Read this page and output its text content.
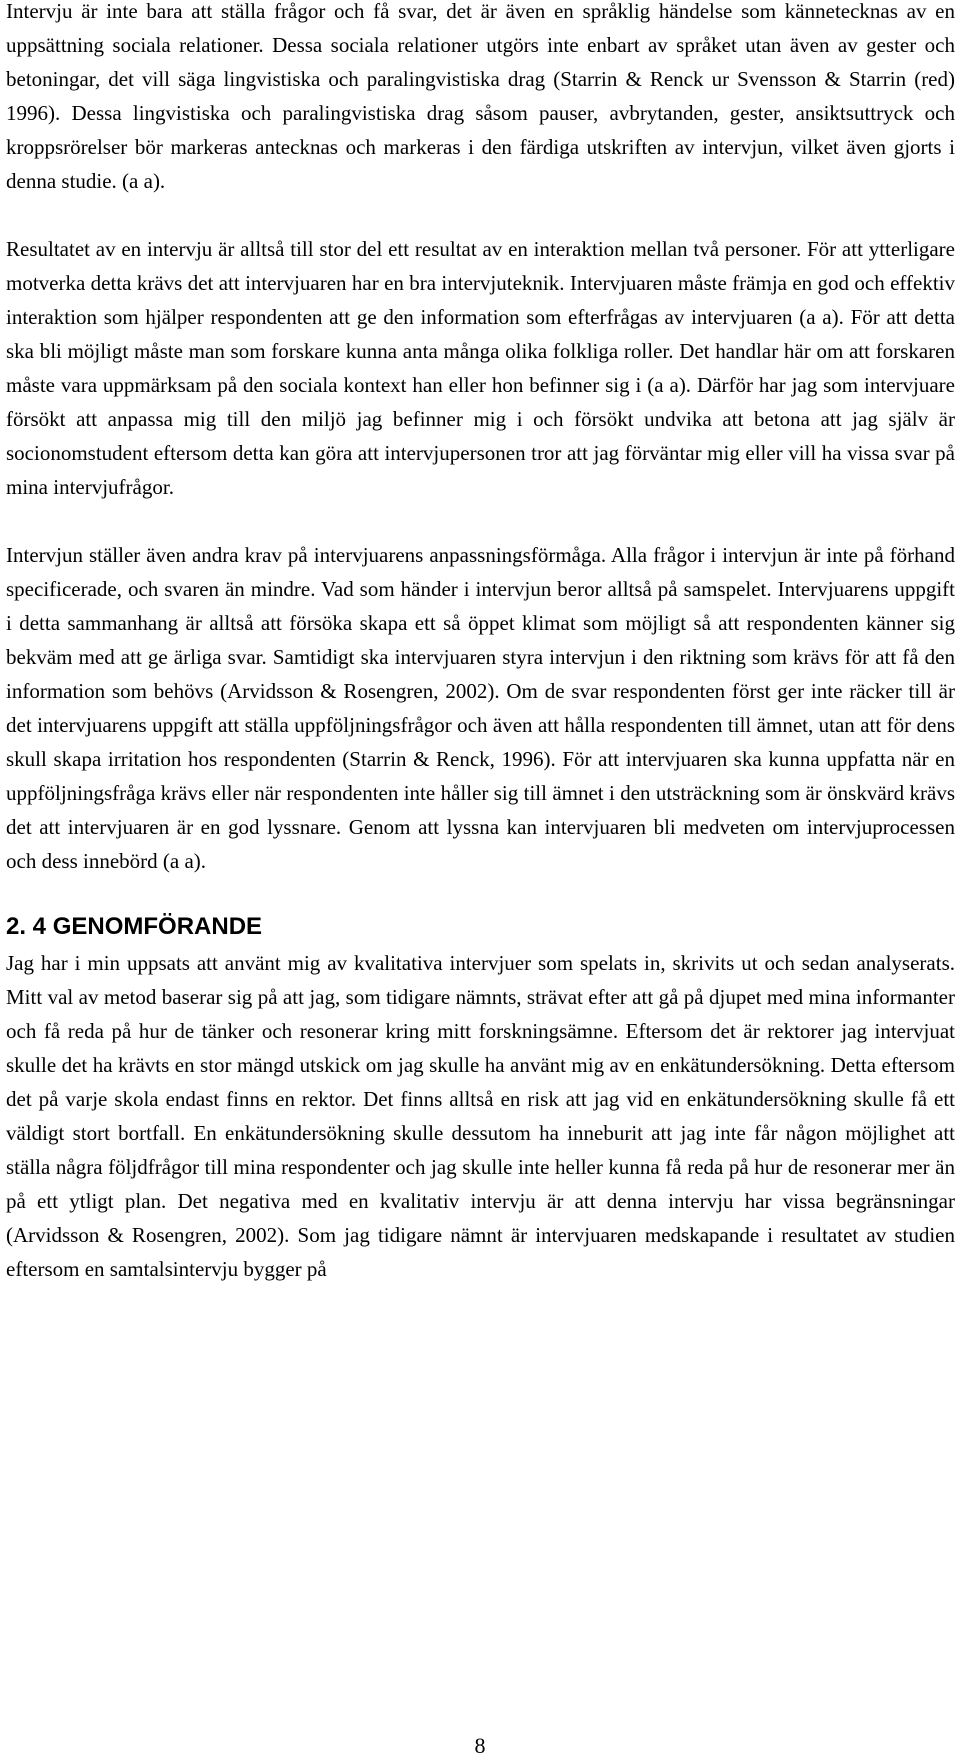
Intervju är inte bara att ställa frågor och få svar, det är även en språklig händelse som kännetecknas av en uppsättning sociala relationer. Dessa sociala relationer utgörs inte enbart av språket utan även av gester och betoningar, det vill säga lingvistiska och paralingvistiska drag (Starrin & Renck ur Svensson & Starrin (red) 1996). Dessa lingvistiska och paralingvistiska drag såsom pauser, avbrytanden, gester, ansiktsuttryck och kroppsrörelser bör markeras antecknas och markeras i den färdiga utskriften av intervjun, vilket även gjorts i denna studie. (a a).

Resultatet av en intervju är alltså till stor del ett resultat av en interaktion mellan två personer. För att ytterligare motverka detta krävs det att intervjuaren har en bra intervjuteknik. Intervjuaren måste främja en god och effektiv interaktion som hjälper respondenten att ge den information som efterfrågas av intervjuaren (a a). För att detta ska bli möjligt måste man som forskare kunna anta många olika folkliga roller. Det handlar här om att forskaren måste vara uppmärksam på den sociala kontext han eller hon befinner sig i (a a). Därför har jag som intervjuare försökt att anpassa mig till den miljö jag befinner mig i och försökt undvika att betona att jag själv är socionomstudent eftersom detta kan göra att intervjupersonen tror att jag förväntar mig eller vill ha vissa svar på mina intervjufrågor.

Intervjun ställer även andra krav på intervjuarens anpassningsförmåga. Alla frågor i intervjun är inte på förhand specificerade, och svaren än mindre. Vad som händer i intervjun beror alltså på samspelet. Intervjuarens uppgift i detta sammanhang är alltså att försöka skapa ett så öppet klimat som möjligt så att respondenten känner sig bekväm med att ge ärliga svar. Samtidigt ska intervjuaren styra intervjun i den riktning som krävs för att få den information som behövs (Arvidsson & Rosengren, 2002). Om de svar respondenten först ger inte räcker till är det intervjuarens uppgift att ställa uppföljningsfrågor och även att hålla respondenten till ämnet, utan att för dens skull skapa irritation hos respondenten (Starrin & Renck, 1996). För att intervjuaren ska kunna uppfatta när en uppföljningsfråga krävs eller när respondenten inte håller sig till ämnet i den utsträckning som är önskvärd krävs det att intervjuaren är en god lyssnare. Genom att lyssna kan intervjuaren bli medveten om intervjuprocessen och dess innebörd (a a).

2. 4 GENOMFÖRANDE

Jag har i min uppsats att använt mig av kvalitativa intervjuer som spelats in, skrivits ut och sedan analyserats. Mitt val av metod baserar sig på att jag, som tidigare nämnts, strävat efter att gå på djupet med mina informanter och få reda på hur de tänker och resonerar kring mitt forskningsämne. Eftersom det är rektorer jag intervjuat skulle det ha krävts en stor mängd utskick om jag skulle ha använt mig av en enkätundersökning. Detta eftersom det på varje skola endast finns en rektor. Det finns alltså en risk att jag vid en enkätundersökning skulle få ett väldigt stort bortfall. En enkätundersökning skulle dessutom ha inneburit att jag inte får någon möjlighet att ställa några följdfrågor till mina respondenter och jag skulle inte heller kunna få reda på hur de resonerar mer än på ett ytligt plan. Det negativa med en kvalitativ intervju är att denna intervju har vissa begränsningar (Arvidsson & Rosengren, 2002). Som jag tidigare nämnt är intervjuaren medskapande i resultatet av studien eftersom en samtalsintervju bygger på

8
